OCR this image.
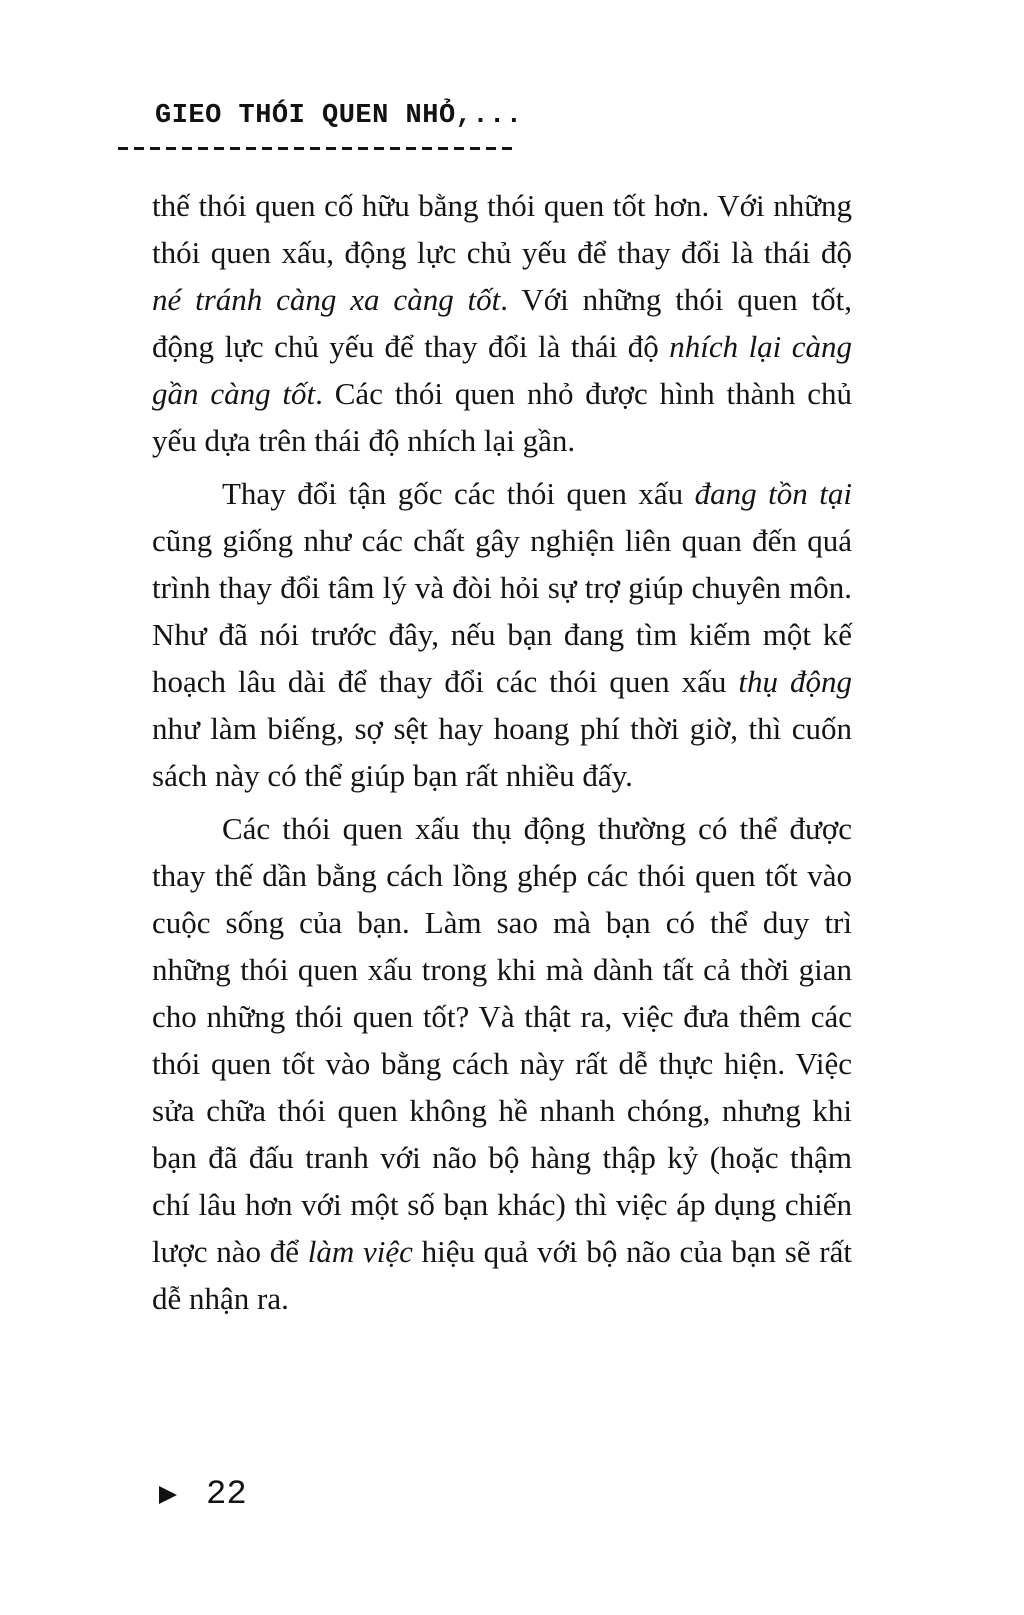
GIEO THÓI QUEN NHỎ,...

thế thói quen cố hữu bằng thói quen tốt hơn. Với những thói quen xấu, động lực chủ yếu để thay đổi là thái độ né tránh càng xa càng tốt. Với những thói quen tốt, động lực chủ yếu để thay đổi là thái độ nhích lại càng gần càng tốt. Các thói quen nhỏ được hình thành chủ yếu dựa trên thái độ nhích lại gần.

Thay đổi tận gốc các thói quen xấu đang tồn tại cũng giống như các chất gây nghiện liên quan đến quá trình thay đổi tâm lý và đòi hỏi sự trợ giúp chuyên môn. Như đã nói trước đây, nếu bạn đang tìm kiếm một kế hoạch lâu dài để thay đổi các thói quen xấu thụ động như làm biếng, sợ sệt hay hoang phí thời giờ, thì cuốn sách này có thể giúp bạn rất nhiều đấy.

Các thói quen xấu thụ động thường có thể được thay thế dần bằng cách lồng ghép các thói quen tốt vào cuộc sống của bạn. Làm sao mà bạn có thể duy trì những thói quen xấu trong khi mà dành tất cả thời gian cho những thói quen tốt? Và thật ra, việc đưa thêm các thói quen tốt vào bằng cách này rất dễ thực hiện. Việc sửa chữa thói quen không hề nhanh chóng, nhưng khi bạn đã đấu tranh với não bộ hàng thập kỷ (hoặc thậm chí lâu hơn với một số bạn khác) thì việc áp dụng chiến lược nào để làm việc hiệu quả với bộ não của bạn sẽ rất dễ nhận ra.

22
